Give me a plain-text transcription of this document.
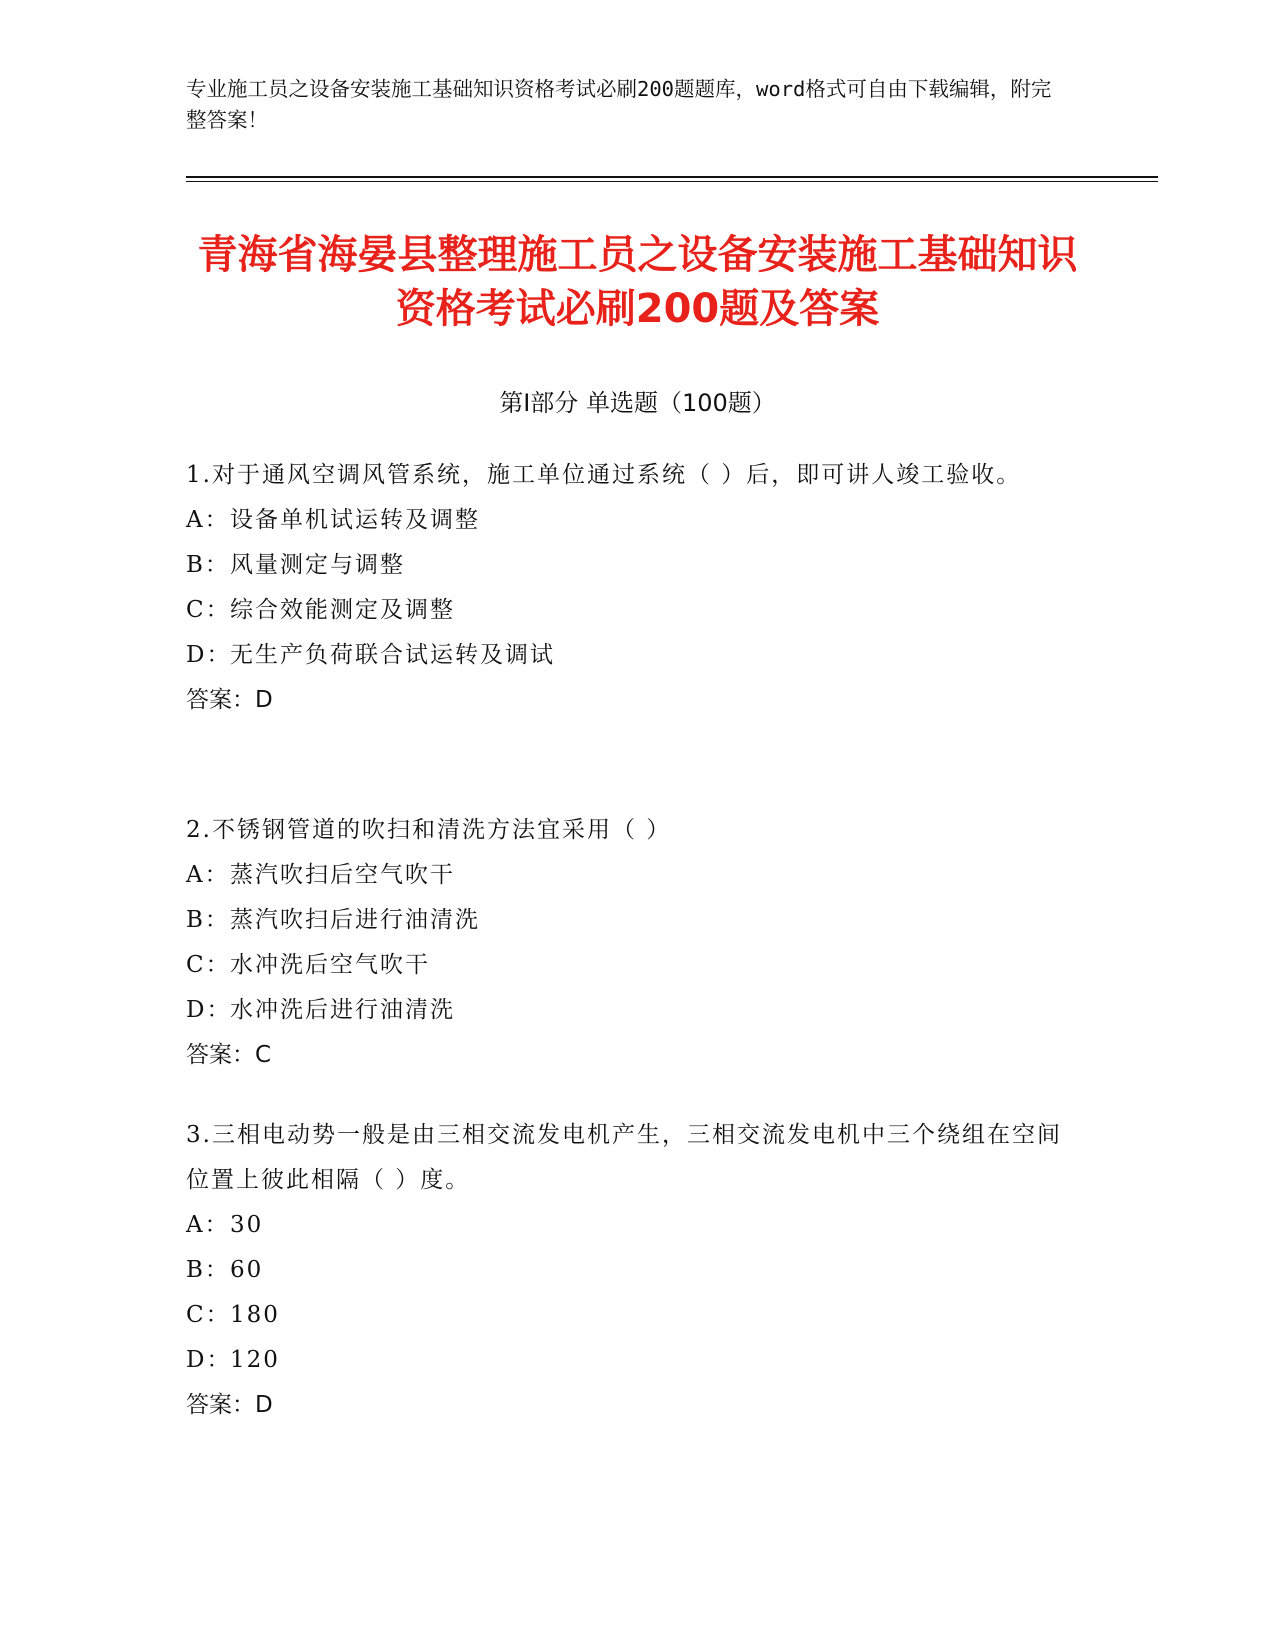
专业施工员之设备安装施工基础知识资格考试必刷200题题库，word格式可自由下载编辑，附完整答案！
青海省海晏县整理施工员之设备安装施工基础知识资格考试必刷200题及答案
第Ⅰ部分 单选题（100题）

1.对于通风空调风管系统，施工单位通过系统（ ）后，即可讲人竣工验收。

A： 设备单机试运转及调整

B： 风量测定与调整

C： 综合效能测定及调整

D：
无生产负荷联合试运转及调试

答案：D

2.不锈钢管道的吹扫和清洗方法宜采用（ ）

A： 蒸汽吹扫后空气吹干

B： 蒸汽吹扫后进行油清洗

C： 水冲洗后空气吹干

D：
水冲洗后进行油清洗

答案：C

3.三相电动势一般是由三相交流发电机产生，三相交流发电机中三个绕组在空间位置上彼此相隔（ ）度。

A： 30

B： 60

C： 180

D：
120

答案：D
